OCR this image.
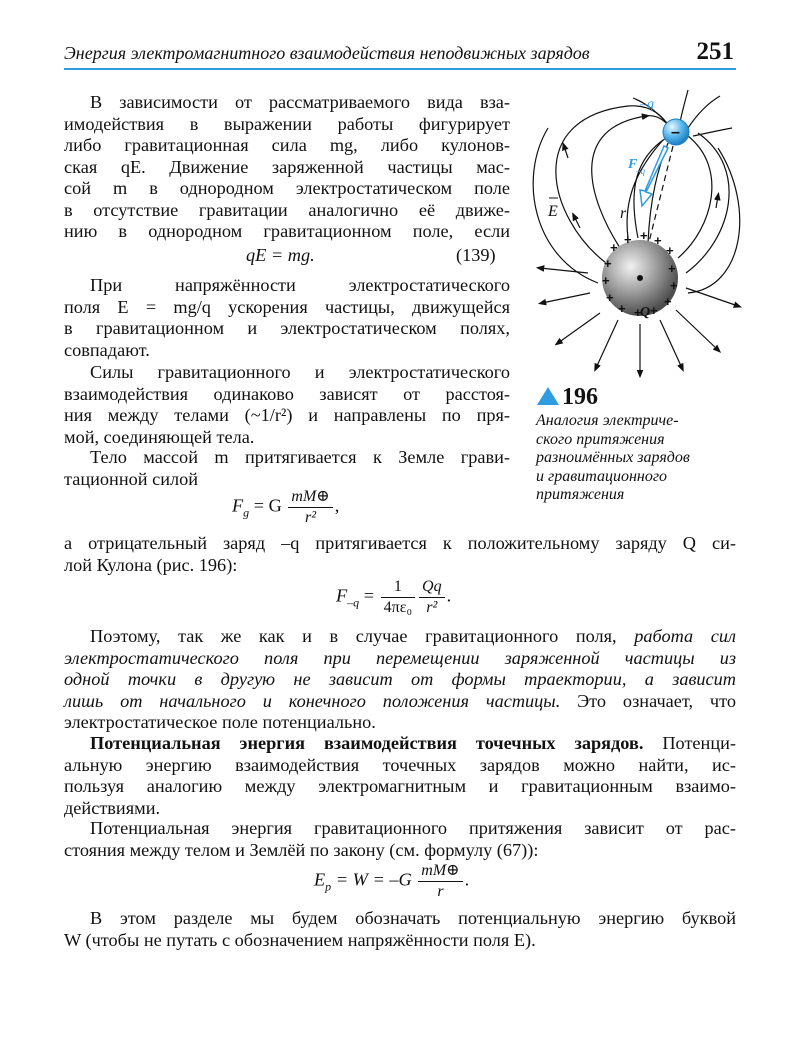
Энергия электромагнитного взаимодействия неподвижных зарядов	251
В зависимости от рассматриваемого вида вза-
имодействия в выражении работы фигурирует
либо гравитационная сила mg, либо кулонов-
ская qE. Движение заряженной частицы мас-
сой m в однородном электростатическом поле
в отсутствие гравитации аналогично её движе-
нию в однородном гравитационном поле, если
qE = mg.	(139)
При напряжённости электростатического
поля E = mg/q ускорения частицы, движущейся
в гравитационном и электростатическом полях,
совпадают.
Силы гравитационного и электростатического
взаимодействия одинаково зависят от расстоя-
ния между телами (~1/r²) и направлены по пря-
мой, соединяющей тела.
Тело массой m притягивается к Земле грави-
тационной силой
$F_g = G \frac{mM\oplus}{\text{r²}}$ ,
а отрицательный заряд –q притягивается к положительному заряду Q си-
лой Кулона (рис. 196):
$F_{-q} = \frac{1}{\text{4πε₀}} \frac{Qq}{\text{r²}}$ .
Поэтому, так же как и в случае гравитационного поля, работа сил
электростатического поля при перемещении заряженной частицы из
одной точки в другую не зависит от формы траектории, а зависит
лишь от начального и конечного положения частицы. Это означает, что
электростатическое поле потенциально.
Потенциальная энергия взаимодействия точечных зарядов. Потенци-
альную энергию взаимодействия точечных зарядов можно найти, ис-
пользуя аналогию между электромагнитным и гравитационным взаимо-
действиями.
Потенциальная энергия гравитационного притяжения зависит от рас-
стояния между телом и Землёй по закону (см. формулу (67)):
$E_p = W = -G \frac{mM\oplus}{r}$ .
В этом разделе мы будем обозначать потенциальную энергию буквой
W (чтобы не путать с обозначением напряжённости поля E).
–
+
+ + +
+
+	+
+	+
+	+
+ + +
–q
F
–q
E	r
Q
196
Аналогия электриче-
ского притяжения
разноимённых зарядов
и гравитационного
притяжения
